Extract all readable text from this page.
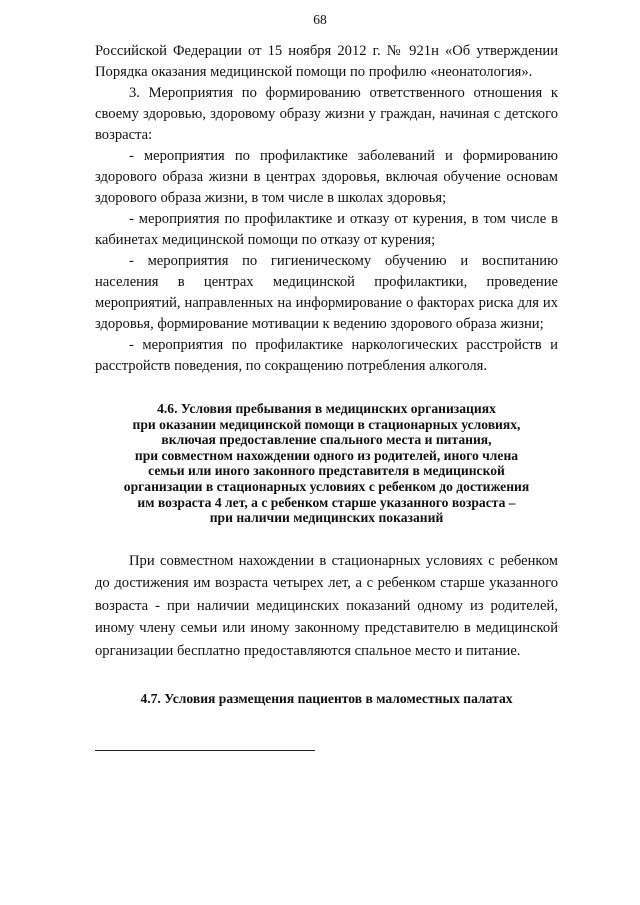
68

Российской Федерации от 15 ноября 2012 г. № 921н «Об утверждении Порядка оказания медицинской помощи по профилю «неонатология».

3. Мероприятия по формированию ответственного отношения к своему здоровью, здоровому образу жизни у граждан, начиная с детского возраста:

- мероприятия по профилактике заболеваний и формированию здорового образа жизни в центрах здоровья, включая обучение основам здорового образа жизни, в том числе в школах здоровья;

- мероприятия по профилактике и отказу от курения, в том числе в кабинетах медицинской помощи по отказу от курения;

- мероприятия по гигиеническому обучению и воспитанию населения в центрах медицинской профилактики, проведение мероприятий, направленных на информирование о факторах риска для их здоровья, формирование мотивации к ведению здорового образа жизни;

- мероприятия по профилактике наркологических расстройств и расстройств поведения, по сокращению потребления алкоголя.

4.6. Условия пребывания в медицинских организациях
при оказании медицинской помощи в стационарных условиях,
включая предоставление спального места и питания,
при совместном нахождении одного из родителей, иного члена
семьи или иного законного представителя в медицинской
организации в стационарных условиях с ребенком до достижения
им возраста 4 лет, а с ребенком старше указанного возраста –
при наличии медицинских показаний

При совместном нахождении в стационарных условиях с ребенком до достижения им возраста четырех лет, а с ребенком старше указанного возраста - при наличии медицинских показаний одному из родителей, иному члену семьи или иному законному представителю в медицинской организации бесплатно предоставляются спальное место и питание.

4.7. Условия размещения пациентов в маломестных палатах
